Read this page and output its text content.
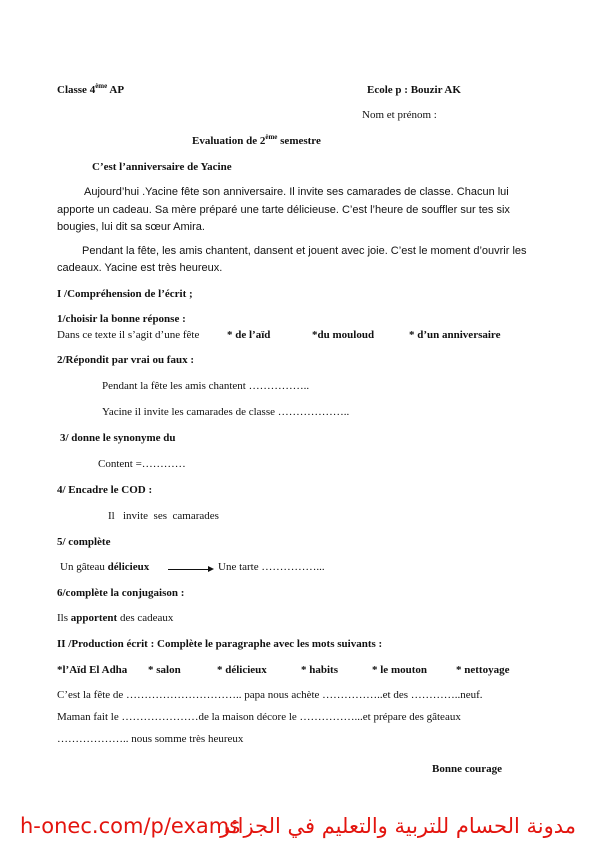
Classe 4ème AP	Ecole p : Bouzir AK
Nom et prénom :
Evaluation de 2ème semestre
C’est l’anniversaire de Yacine
Aujourd’hui .Yacine fête son anniversaire. Il invite ses camarades de classe. Chacun lui
apporte un cadeau. Sa mère préparé une tarte délicieuse. C’est l’heure de souffler sur tes six
bougies, lui dit sa sœur Amira.
Pendant la fête, les amis chantent, dansent et jouent avec joie. C’est le moment d’ouvrir les
cadeaux. Yacine est très heureux.
I /Compréhension de l’écrit ;
1/choisir la bonne réponse :
Dans ce texte il s’agit d’une fête	* de l’aïd	*du mouloud	* d’un anniversaire
2/Répondit par vrai ou faux :
Pendant la fête les amis chantent ……………..
Yacine il invite les camarades de classe ………………..
3/ donne le synonyme du
Content =…………
4/ Encadre le COD :
Il invite ses camarades
5/ complète
Un gâteau délicieux	Une tarte ……………...
6/complète la conjugaison :
Ils apportent des cadeaux
II /Production écrit : Complète le paragraphe avec les mots suivants :
*l’Aïd El Adha * salon	* délicieux	* habits	* le mouton	* nettoyage
C’est la fête de ………………………….. papa nous achète ……………..et des …………..neuf.
Maman fait le …………………de la maison décore le ……………...et prépare des gâteaux
……………….. nous somme très heureux
Bonne courage
h-onec.com/p/exams
مدونة الحسام للتربية والتعليم في الجزائر
